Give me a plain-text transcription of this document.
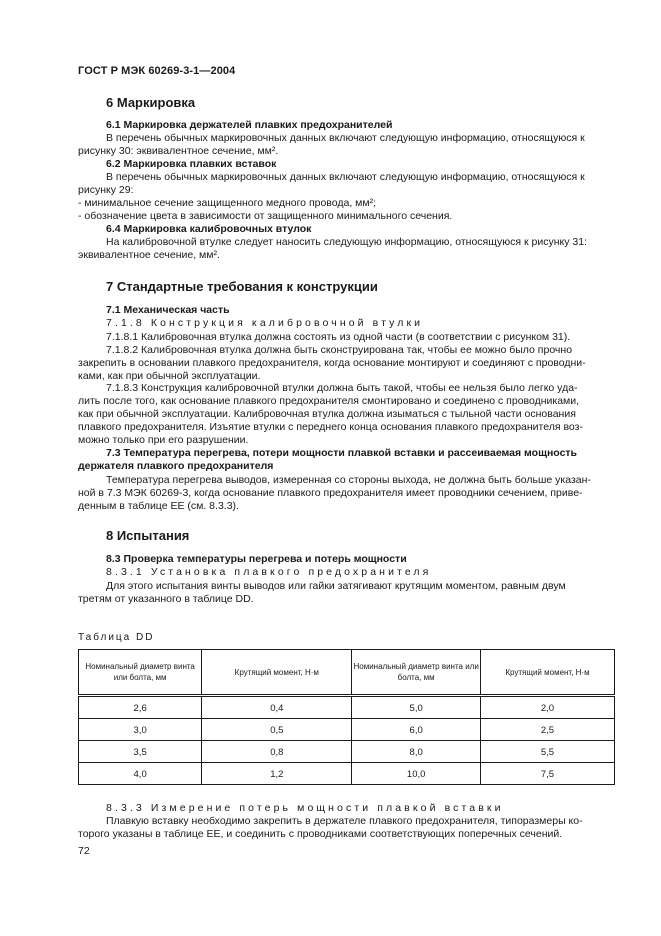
ГОСТ Р МЭК 60269-3-1—2004
6 Маркировка
6.1 Маркировка держателей плавких предохранителей
В перечень обычных маркировочных данных включают следующую информацию, относящуюся к
рисунку 30: эквивалентное сечение, мм².
6.2 Маркировка плавких вставок
В перечень обычных маркировочных данных включают следующую информацию, относящуюся к
рисунку 29:
- минимальное сечение защищенного медного провода, мм²;
- обозначение цвета в зависимости от защищенного минимального сечения.
6.4 Маркировка калибровочных втулок
На калибровочной втулке следует наносить следующую информацию, относящуюся к рисунку 31:
эквивалентное сечение, мм².
7 Стандартные требования к конструкции
7.1 Механическая часть
7.1.8 Конструкция калибровочной втулки
7.1.8.1 Калибровочная втулка должна состоять из одной части (в соответствии с рисунком 31).
7.1.8.2 Калибровочная втулка должна быть сконструирована так, чтобы ее можно было прочно
закрепить в основании плавкого предохранителя, когда основание монтируют и соединяют с проводни-
ками, как при обычной эксплуатации.
7.1.8.3 Конструкция калибровочной втулки должна быть такой, чтобы ее нельзя было легко уда-
лить после того, как основание плавкого предохранителя смонтировано и соединено с проводниками,
как при обычной эксплуатации. Калибровочная втулка должна изыматься с тыльной части основания
плавкого предохранителя. Изъятие втулки с переднего конца основания плавкого предохранителя воз-
можно только при его разрушении.
7.3 Температура перегрева, потери мощности плавкой вставки и рассеиваемая мощность
держателя плавкого предохранителя
Температура перегрева выводов, измеренная со стороны выхода, не должна быть больше указан-
ной в 7.3 МЭК 60269-3, когда основание плавкого предохранителя имеет проводники сечением, приве-
денным в таблице ЕЕ (см. 8.3.3).
8 Испытания
8.3 Проверка температуры перегрева и потерь мощности
8.3.1 Установка плавкого предохранителя
Для этого испытания винты выводов или гайки затягивают крутящим моментом, равным двум
третям от указанного в таблице DD.
Таблица DD
Номинальный диаметр винта или болта, мм	Крутящий момент, Н·м	Номинальный диаметр винта или болта, мм	Крутящий момент, Н·м
2,6	0,4	5,0	2,0
3,0	0,5	6,0	2,5
3,5	0,8	8,0	5,5
4,0	1,2	10,0	7,5
8.3.3 Измерение потерь мощности плавкой вставки
Плавкую вставку необходимо закрепить в держателе плавкого предохранителя, типоразмеры ко-
торого указаны в таблице ЕЕ, и соединить с проводниками соответствующих поперечных сечений.
72
